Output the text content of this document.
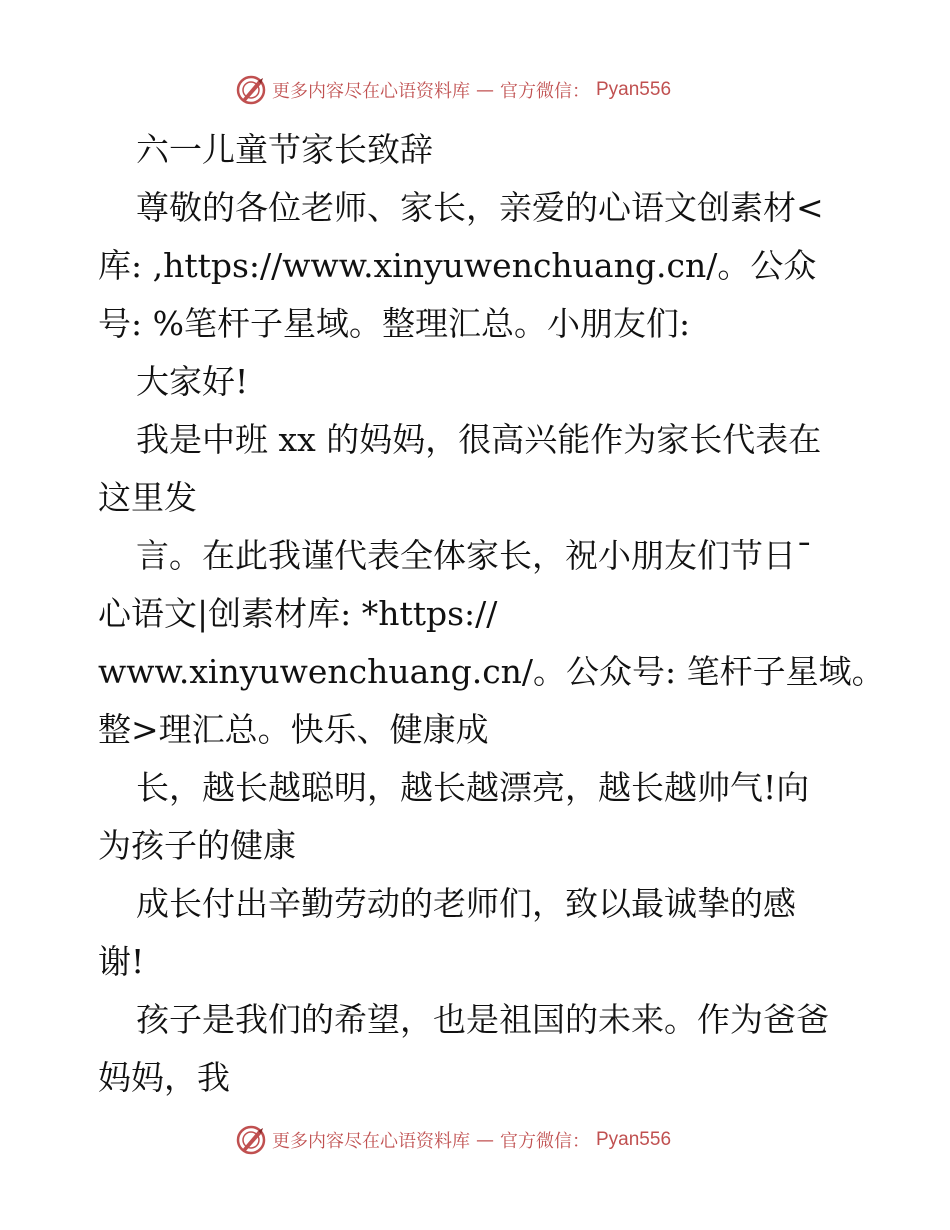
更多内容尽在心语资料库 — 官方微信： Pyan556
六一儿童节家长致辞
尊敬的各位老师、家长，亲爱的心语文创素材<
库: ,https://www.xinyuwenchuang.cn/。公众
号: %笔杆子星域。整理汇总。小朋友们:
大家好!
我是中班 xx 的妈妈，很高兴能作为家长代表在
这里发
言。在此我谨代表全体家长，祝小朋友们节日¯
心语文|创素材库: *https://
www.xinyuwenchuang.cn/。公众号: 笔杆子星域。
整>理汇总。快乐、健康成
长，越长越聪明，越长越漂亮，越长越帅气!向
为孩子的健康
成长付出辛勤劳动的老师们，致以最诚挚的感
谢!
孩子是我们的希望，也是祖国的未来。作为爸爸
妈妈，我
更多内容尽在心语资料库 — 官方微信： Pyan556
